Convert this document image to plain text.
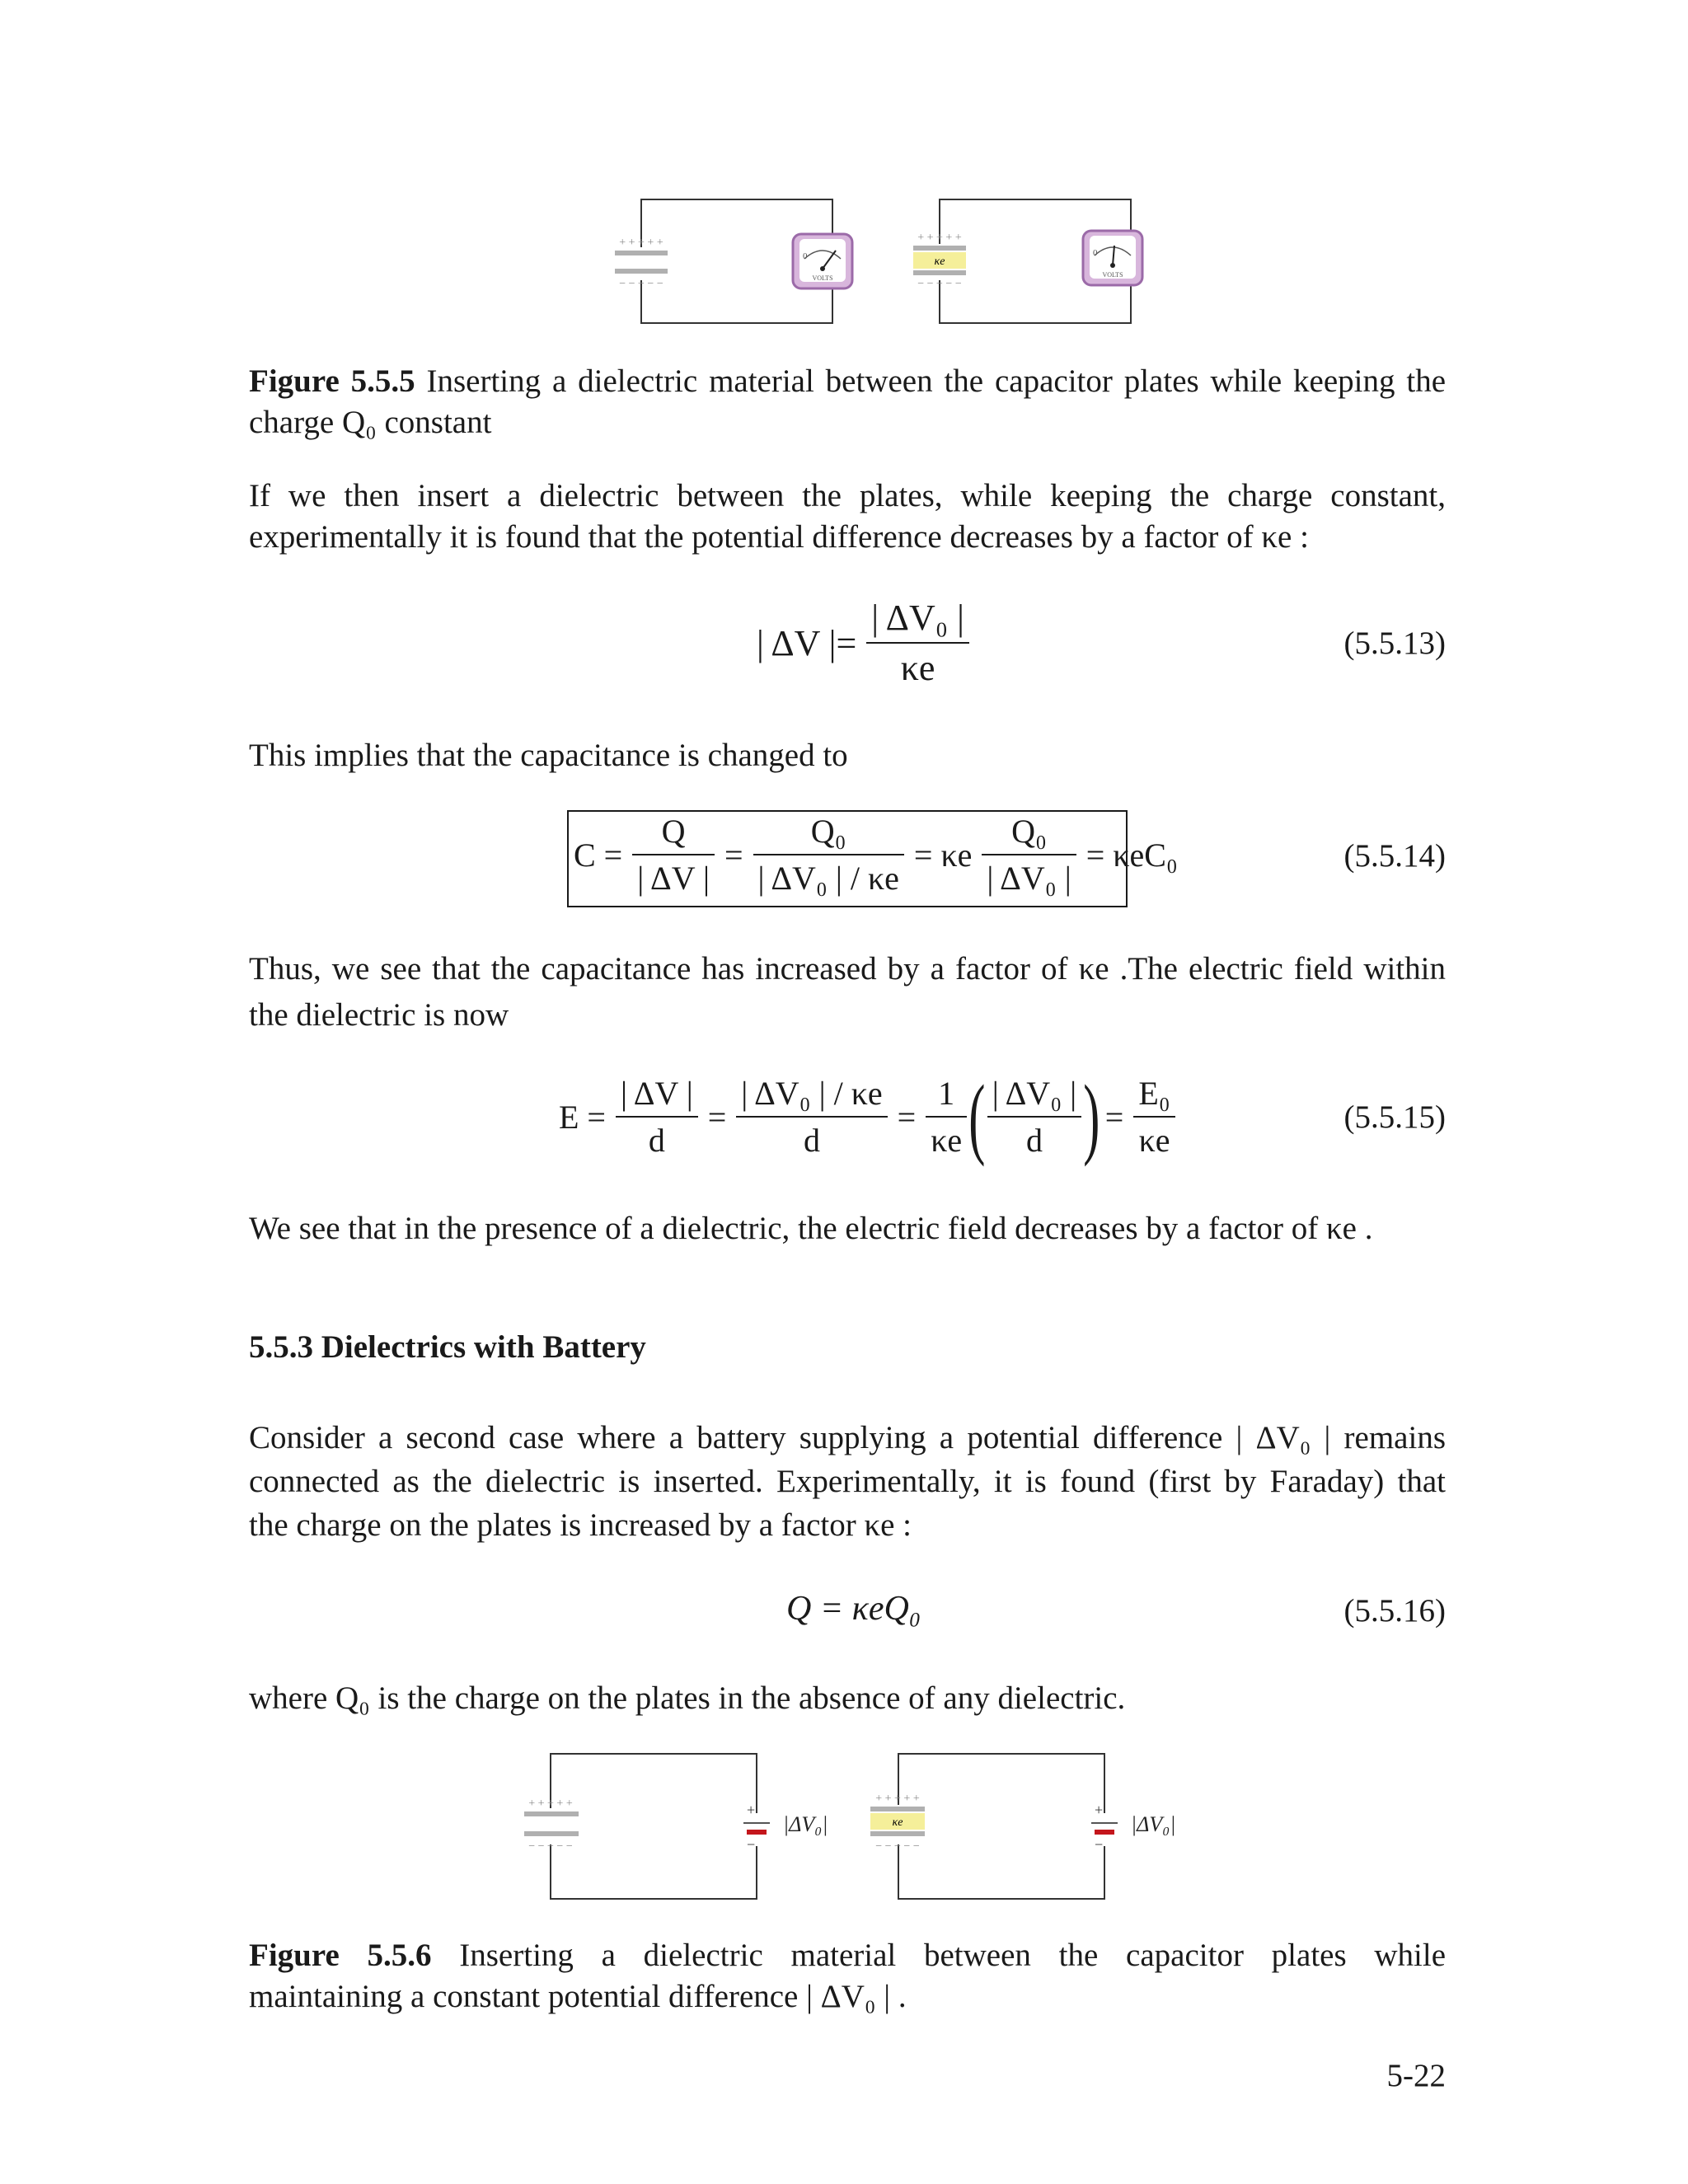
+ + + + +
− − − − −
0
VOLTS
κe
+ + + + +
− − − − −
0
VOLTS
Figure 5.5.5 Inserting a dielectric material between the capacitor plates while keeping the
charge Q₀ constant
If we then insert a dielectric between the plates, while keeping the charge constant,
experimentally it is found that the potential difference decreases by a factor of κe :
| ΔV |= $\frac{\text{| ΔV₀ |}}{\kappa e}$	(5.5.13)
This implies that the capacitance is changed to
$C = \frac{Q}{| \Delta V |} = \frac{\text{Q₀}}{\text{| ΔV₀ | / κe}} = \kappa e \frac{\text{Q₀}}{\text{| ΔV₀ |}} = \kappa eC_0$	(5.5.14)
Thus, we see that the capacitance has increased by a factor of κe .The electric field within
the dielectric is now
$E = \frac{| \Delta V |}{d} = \frac{\text{| ΔV₀ | / κe}}{d} = \frac{1}{\kappa e}$ ( $\frac{\text{| ΔV₀ |}}{d}$ ) = $\frac{\text{E₀}}{\kappa e}$	(5.5.15)
We see that in the presence of a dielectric, the electric field decreases by a factor of κe .
5.5.3 Dielectrics with Battery
Consider a second case where a battery supplying a potential difference | ΔV₀ | remains
connected as the dielectric is inserted. Experimentally, it is found (first by Faraday) that
the charge on the plates is increased by a factor κe :
Q = κeQ₀	(5.5.16)
where Q₀ is the charge on the plates in the absence of any dielectric.
+ + + + +
− − − − −
+
−
|ΔV₀|	κe
+ + + + +
− − − − −
+
−
|ΔV₀|
Figure 5.5.6 Inserting a dielectric material between the capacitor plates while
maintaining a constant potential difference | ΔV₀ | .
5-22
